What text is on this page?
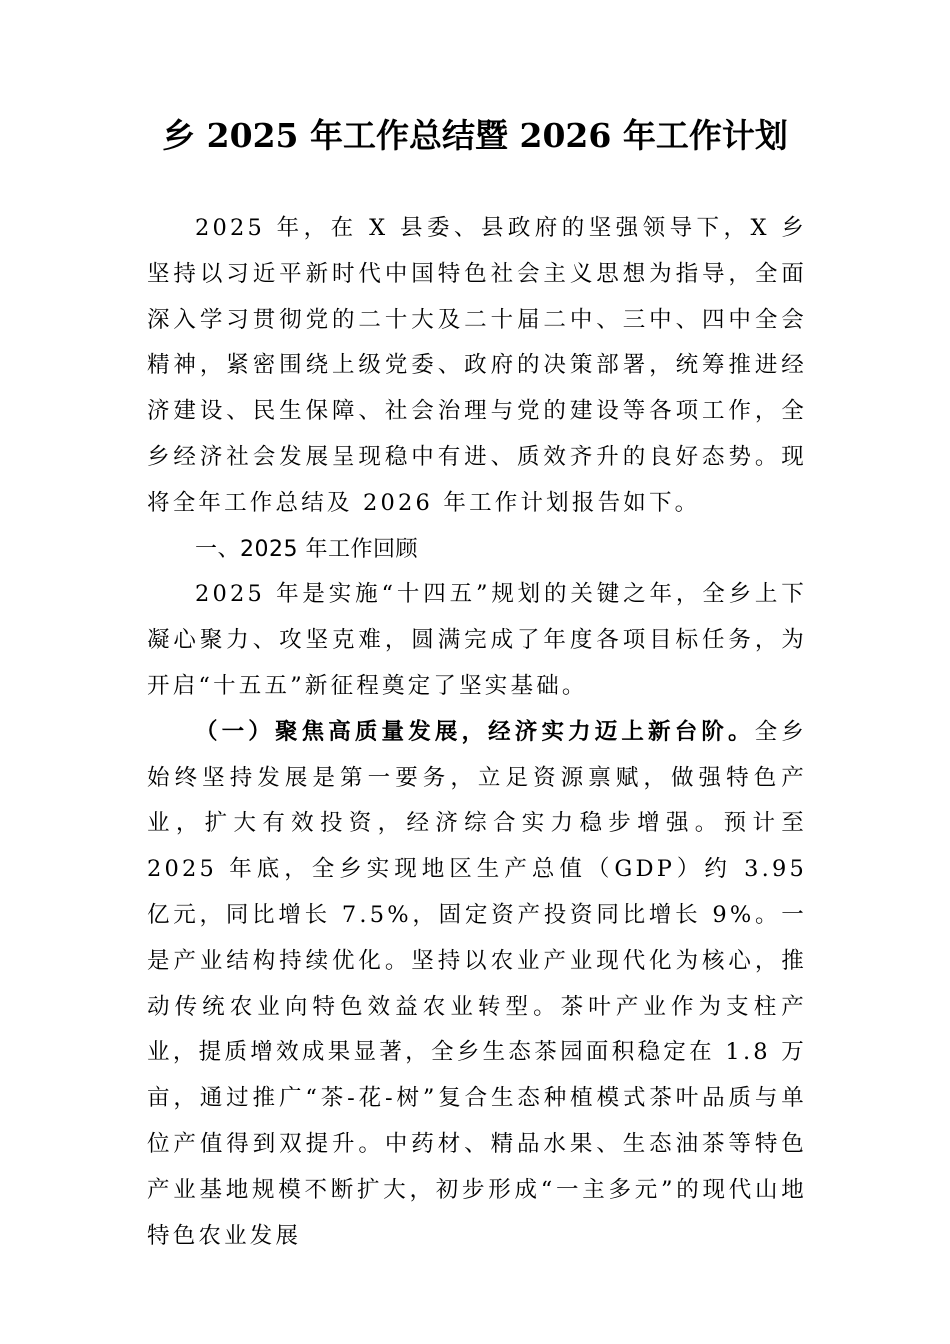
乡 2025 年工作总结暨 2026 年工作计划

2025 年，在 X 县委、县政府的坚强领导下，X 乡坚持以习近平新时代中国特色社会主义思想为指导，全面深入学习贯彻党的二十大及二十届二中、三中、四中全会精神，紧密围绕上级党委、政府的决策部署，统筹推进经济建设、民生保障、社会治理与党的建设等各项工作，全乡经济社会发展呈现稳中有进、质效齐升的良好态势。现将全年工作总结及 2026 年工作计划报告如下。

一、2025 年工作回顾

2025 年是实施“十四五”规划的关键之年，全乡上下凝心聚力、攻坚克难，圆满完成了年度各项目标任务，为开启“十五五”新征程奠定了坚实基础。

（一）聚焦高质量发展，经济实力迈上新台阶。全乡始终坚持发展是第一要务，立足资源禀赋，做强特色产业，扩大有效投资，经济综合实力稳步增强。预计至 2025 年底，全乡实现地区生产总值（GDP）约 3.95 亿元，同比增长 7.5%，固定资产投资同比增长 9%。一是产业结构持续优化。坚持以农业产业现代化为核心，推动传统农业向特色效益农业转型。茶叶产业作为支柱产业，提质增效成果显著，全乡生态茶园面积稳定在 1.8 万亩，通过推广“茶-花-树”复合生态种植模式茶叶品质与单位产值得到双提升。中药材、精品水果、生态油茶等特色产业基地规模不断扩大，初步形成“一主多元”的现代山地特色农业发展
